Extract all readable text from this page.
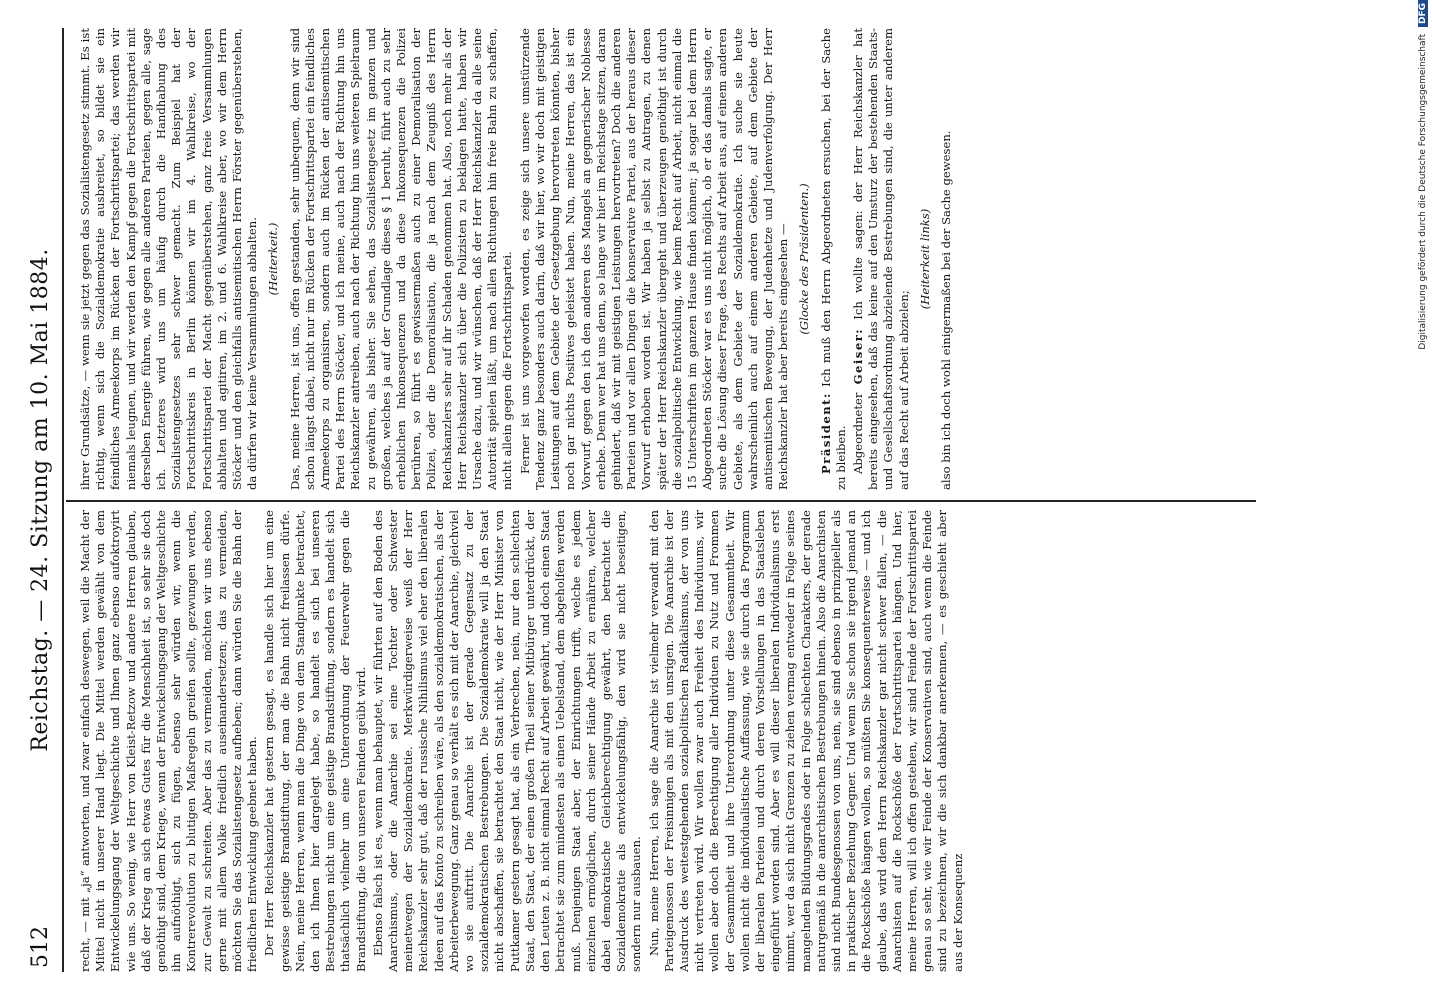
512
Reichstag. — 24. Sitzung am 10. Mai 1884. recht, — mit „ja“ antworten, und zwar einfach deswegen, weil die Macht der Mittel nicht in unserer Hand liegt. Die Mittel werden gewählt von dem Entwickelungsgang der Weltgeschichte und Ihnen ganz ebenso aufoktroyirt wie uns. So wenig, wie Herr von Kleist-Retzow und andere Herren glauben, daß der Krieg an sich etwas Gutes für die Menschheit ist, so sehr sie doch genöthigt sind, dem Kriege, wenn der Entwickelungsgang der Weltgeschichte ihn aufnöthigt, sich zu fügen, ebenso sehr würden wir, wenn die Kontrerevolution zu blutigen Maßregeln greifen sollte, gezwungen werden, zur Gewalt zu schreiten. Aber das zu vermeiden, möchten wir uns ebenso gerne mit allem Volke friedlich auseinandersetzen; das zu vermeiden, möchten Sie das Sozialistengesetz aufheben; dann würden Sie die Bahn der friedlichen Entwicklung geebnet haben. Der Herr Reichskanzler hat gestern gesagt, es handle sich hier um eine gewisse geistige Brandstiftung, der man die Bahn nicht freilassen dürfe. Nein, meine Herren, wenn man die Dinge von dem Standpunkte betrachtet, den ich Ihnen hier dargelegt habe, so handelt es sich bei unseren Bestrebungen nicht um eine geistige Brandstiftung, sondern es handelt sich thatsächlich vielmehr um eine Unterordnung der Feuerwehr gegen die Brandstiftung, die von unseren Feinden geübt wird. Ebenso falsch ist es, wenn man behauptet, wir führten auf den Boden des Anarchismus, oder die Anarchie sei eine Tochter oder Schwester meinetwegen der Sozialdemokratie. Merkwürdigerweise weiß der Herr Reichskanzler sehr gut, daß der russische Nihilismus viel eher den liberalen Ideen auf das Konto zu schreiben wäre, als den sozialdemokratischen, als der Arbeiterbewegung. Ganz genau so verhält es sich mit der Anarchie, gleichviel wo sie auftritt. Die Anarchie ist der gerade Gegensatz zu der sozialdemokratischen Bestrebungen. Die Sozialdemokratie will ja den Staat nicht abschaffen, sie betrachtet den Staat nicht, wie der Herr Minister von Puttkamer gestern gesagt hat, als ein Verbrechen, nein, nur den schlechten Staat, den Staat, der einen großen Theil seiner Mitbürger unterdrückt, der den Leuten z. B. nicht einmal Recht auf Arbeit gewährt, und doch einen Staat betrachtet sie zum mindesten als einen Uebelstand, dem abgeholfen werden muß. Denjenigen Staat aber, der Einrichtungen trifft, welche es jedem einzelnen ermöglichen, durch seiner Hände Arbeit zu ernähren, welcher dabei demokratische Gleichberechtigung gewährt, den betrachtet die Sozialdemokratie als entwickelungsfähig, den wird sie nicht beseitigen, sondern nur ausbauen. Nun, meine Herren, ich sage die Anarchie ist vielmehr verwandt mit den Parteigenossen der Freisinnigen als mit den unsrigen. Die Anarchie ist der Ausdruck des weitestgehenden sozialpolitischen Radikalismus, der von uns nicht vertreten wird. Wir wollen zwar auch Freiheit des Individuums, wir wollen aber doch die Berechtigung aller Individuen zu Nutz und Frommen der Gesammtheit und ihre Unterordnung unter diese Gesammtheit. Wir wollen nicht die individualistische Auffassung, wie sie durch das Programm der liberalen Parteien und durch deren Vorstellungen in das Staatsleben eingeführt worden sind. Aber es will dieser liberalen Individualismus erst nimmt, wer da sich nicht Grenzen zu ziehen vermag entweder in Folge seines mangelnden Bildungsgrades oder in Folge schlechten Charakters, der gerade naturgemäß in die anarchistischen Bestrebungen hinein. Also die Anarchisten sind nicht Bundesgenossen von uns, nein, sie sind ebenso in prinzipieller als in praktischer Beziehung Gegner. Und wenn Sie schon sie irgend jemand an die Rockschöße hängen wollen, so müßten Sie konsequenterweise — und ich glaube, das wird dem Herrn Reichskanzler gar nicht schwer fallen, — die Anarchisten auf die Rockschöße der Fortschrittspartei hängen. Und hier, meine Herren, will ich offen gestehen, wir sind Feinde der Fortschrittspartei genau so sehr, wie wir Feinde der Konservativen sind, auch wenn die Feinde sind zu bezeichnen, wir die sich dankbar anerkennen, — es geschieht aber aus der Konsequenz

ihrer Grundsätze, — wenn sie jetzt gegen das Sozialistengesetz stimmt. Es ist richtig, wenn sich die Sozialdemokratie ausbreitet, so bildet sie ein feindliches Armeekorps im Rücken der Fortschrittspartei; das werden wir niemals leugnen, und wir werden den Kampf gegen die Fortschrittspartei mit derselben Energie führen, wie gegen alle anderen Parteien, gegen alle, sage ich. Letzteres wird uns um häufig durch die Handhabung des Sozialistengesetzes sehr schwer gemacht. Zum Beispiel hat der Fortschrittskreis in Berlin können wir im 4. Wahlkreise, wo der Fortschrittspartei der Macht gegenüberstehen, ganz freie Versammlungen abhalten und agitiren, im 2. und 6. Wahlkreise aber, wo wir dem Herrn Stöcker und den gleichfalls antisemitischen Herrn Förster gegenüberstehen, da dürfen wir keine Versammlungen abhalten. (Heiterkeit.) Das, meine Herren, ist uns, offen gestanden, sehr unbequem, denn wir sind schon längst dabei, nicht nur im Rücken der Fortschrittspartei ein feindliches Armeekorps zu organisiren, sondern auch im Rücken der antisemitischen Partei des Herrn Stöcker, und ich meine, auch nach der Richtung hin uns Reichskanzler antreiben, auch nach der Richtung hin uns weiteren Spielraum zu gewähren, als bisher. Sie sehen, das Sozialistengesetz im ganzen und großen, welches ja auf der Grundlage dieses § 1 beruht, führt auch zu sehr erheblichen Inkonsequenzen und da diese Inkonsequenzen die Polizei berühren, so führt es gewissermaßen auch zu einer Demoralisation der Polizei, oder die Demoralisation, die ja nach dem Zeugniß des Herrn Reichskanzlers sehr auf ihr Schaden genommen hat. Also, noch mehr als der Herr Reichskanzler sich über die Polizisten zu beklagen hatte, haben wir Ursache dazu, und wir wünschen, daß der Herr Reichskanzler da alle seine Autorität spielen läßt, um nach allen Richtungen hin freie Bahn zu schaffen, nicht allein gegen die Fortschrittspartei. Ferner ist uns vorgeworfen worden, es zeige sich unsere umstürzende Tendenz ganz besonders auch darin, daß wir hier, wo wir doch mit geistigen Leistungen auf dem Gebiete der Gesetzgebung hervortreten könnten, bisher noch gar nichts Positives geleistet haben. Nun, meine Herren, das ist ein Vorwurf, gegen den ich den anderen des Mangels an gegnerischer Noblesse erhebe. Denn wer hat uns denn, so lange wir hier im Reichstage sitzen, daran gehindert, daß wir mit geistigen Leistungen hervortreten? Doch die anderen Parteien und vor allen Dingen die konservative Partei, aus der heraus dieser Vorwurf erhoben worden ist. Wir haben ja selbst zu Antragen, zu denen später der Herr Reichskanzler übergeht und überzeugen genöthigt ist durch die sozialpolitische Entwicklung, wie beim Recht auf Arbeit, nicht einmal die 15 Unterschriften im ganzen Hause finden können; ja sogar bei dem Herrn Abgeordneten Stöcker war es uns nicht möglich, ob er das damals sagte, er suche die Lösung dieser Frage, des Rechts auf Arbeit aus, auf einem anderen Gebiete, als dem Gebiete der Sozialdemokratie. Ich suche sie heute wahrscheinlich auch auf einem anderen Gebiete, auf dem Gebiete der antisemitischen Bewegung, der Judenhetze und Judenverfolgung. Der Herr Reichskanzler hat aber bereits eingesehen — (Glocke des Präsidenten.)

Präsident: Ich muß den Herrn Abgeordneten ersuchen, bei der Sache zu bleiben. Abgeordneter Geiser: Ich wollte sagen: der Herr Reichskanzler hat bereits eingesehen, daß das keine auf den Umsturz der bestehenden Staats- und Gesellschaftsordnung abzielende Bestrebungen sind, die unter anderem auf das Recht auf Arbeit abzielen;

(Heiterkeit links) also bin ich doch wohl einigermaßen bei der Sache gewesen.	Digitalisierung gefördert durch die Deutsche Forschungsgemeinschaft DFG
